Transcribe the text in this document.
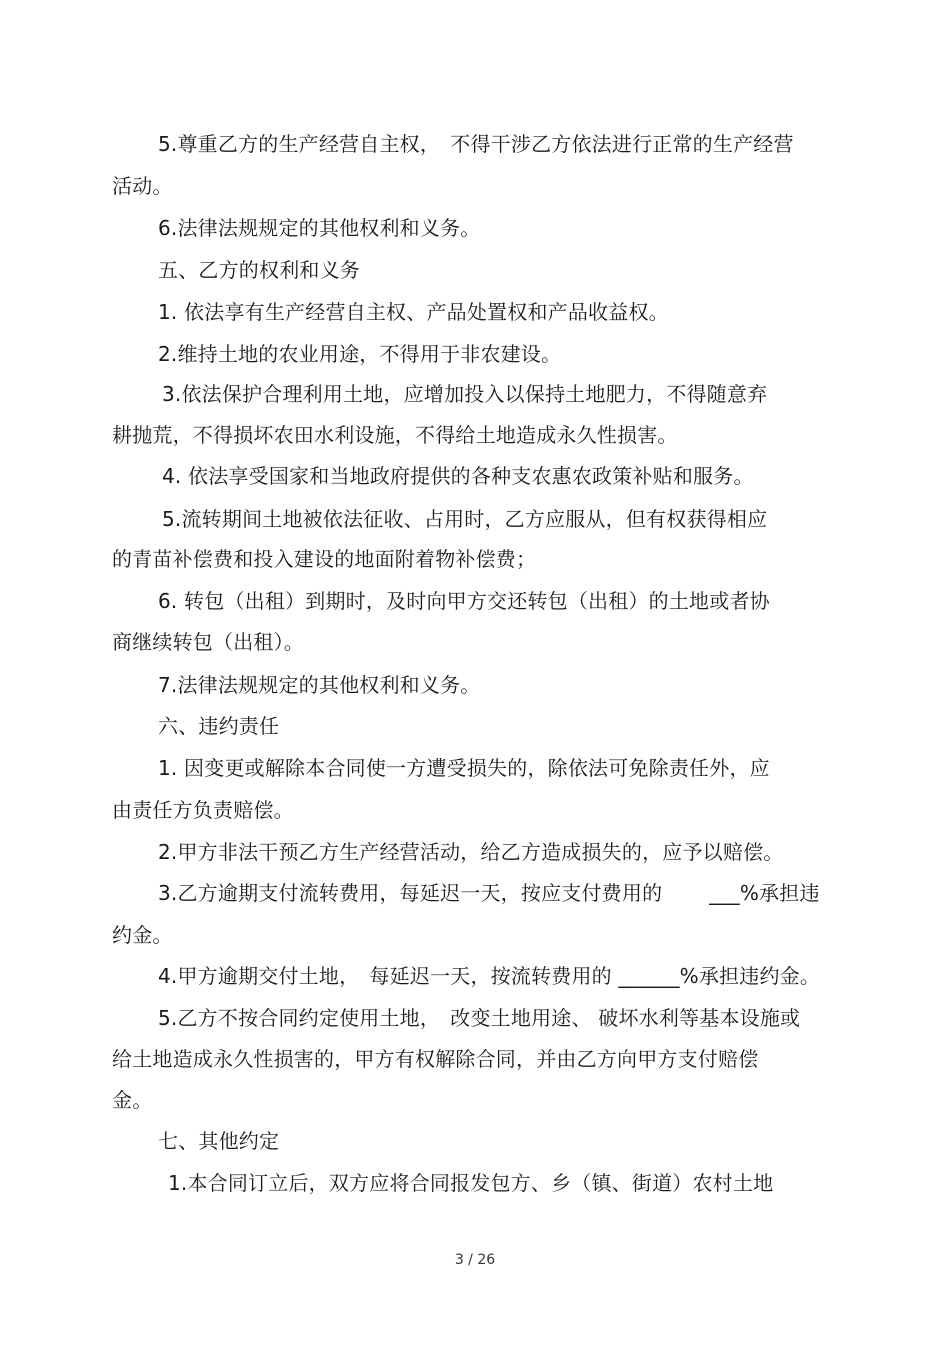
5.尊重乙方的生产经营自主权，　不得干涉乙方依法进行正常的生产经营
活动。
6.法律法规规定的其他权利和义务。
五、乙方的权利和义务
1. 依法享有生产经营自主权、产品处置权和产品收益权。
2.维持土地的农业用途，不得用于非农建设。
3.依法保护合理利用土地，应增加投入以保持土地肥力，不得随意弃
耕抛荒，不得损坏农田水利设施，不得给土地造成永久性损害。
4. 依法享受国家和当地政府提供的各种支农惠农政策补贴和服务。
5.流转期间土地被依法征收、占用时，乙方应服从，但有权获得相应
的青苗补偿费和投入建设的地面附着物补偿费；
6. 转包（出租）到期时，及时向甲方交还转包（出租）的土地或者协
商继续转包（出租）。
7.法律法规规定的其他权利和义务。
六、违约责任
1. 因变更或解除本合同使一方遭受损失的，除依法可免除责任外，应
由责任方负责赔偿。
2.甲方非法干预乙方生产经营活动，给乙方造成损失的，应予以赔偿。
3.乙方逾期支付流转费用，每延迟一天，按应支付费用的　　 ___%承担违
约金。
4.甲方逾期交付土地，　每延迟一天，按流转费用的 ______%承担违约金。
5.乙方不按合同约定使用土地，　改变土地用途、 破坏水利等基本设施或
给土地造成永久性损害的，甲方有权解除合同，并由乙方向甲方支付赔偿
金。
七、其他约定
1.本合同订立后，双方应将合同报发包方、乡（镇、街道）农村土地
3 / 26
